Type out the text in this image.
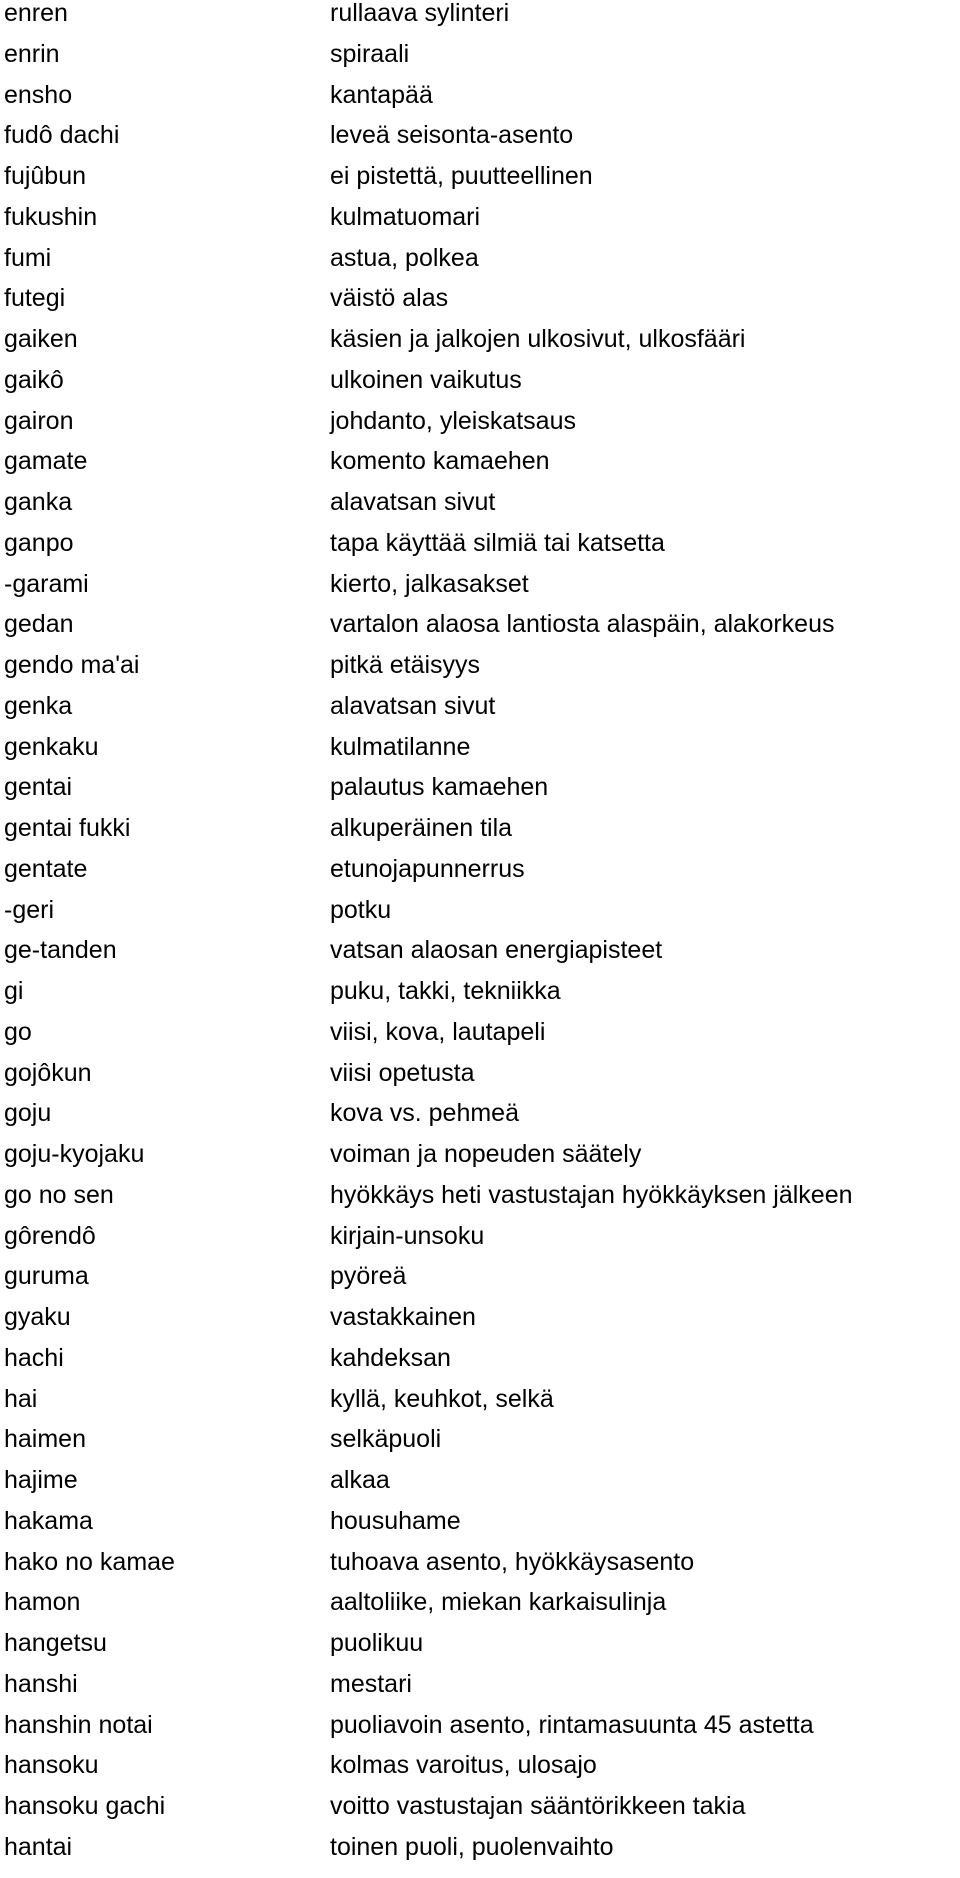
enren	rullaava sylinteri
enrin	spiraali
ensho	kantapää
fudô dachi	leveä seisonta-asento
fujûbun	ei pistettä, puutteellinen
fukushin	kulmatuomari
fumi	astua, polkea
futegi	väistö alas
gaiken	käsien ja jalkojen ulkosivut, ulkosfääri
gaikô	ulkoinen vaikutus
gairon	johdanto, yleiskatsaus
gamate	komento kamaehen
ganka	alavatsan sivut
ganpo	tapa käyttää silmiä tai katsetta
-garami	kierto, jalkasakset
gedan	vartalon alaosa lantiosta alaspäin, alakorkeus
gendo ma'ai	pitkä etäisyys
genka	alavatsan sivut
genkaku	kulmatilanne
gentai	palautus kamaehen
gentai fukki	alkuperäinen tila
gentate	etunojapunnerrus
-geri	potku
ge-tanden	vatsan alaosan energiapisteet
gi	puku, takki, tekniikka
go	viisi, kova, lautapeli
gojôkun	viisi opetusta
goju	kova vs. pehmeä
goju-kyojaku	voiman ja nopeuden säätely
go no sen	hyökkäys heti vastustajan hyökkäyksen jälkeen
gôrendô	kirjain-unsoku
guruma	pyöreä
gyaku	vastakkainen
hachi	kahdeksan
hai	kyllä, keuhkot, selkä
haimen	selkäpuoli
hajime	alkaa
hakama	housuhame
hako no kamae	tuhoava asento, hyökkäysasento
hamon	aaltoliike, miekan karkaisulinja
hangetsu	puolikuu
hanshi	mestari
hanshin notai	puoliavoin asento, rintamasuunta 45 astetta
hansoku	kolmas varoitus, ulosajo
hansoku gachi	voitto vastustajan sääntörikkeen takia
hantai	toinen puoli, puolenvaihto
